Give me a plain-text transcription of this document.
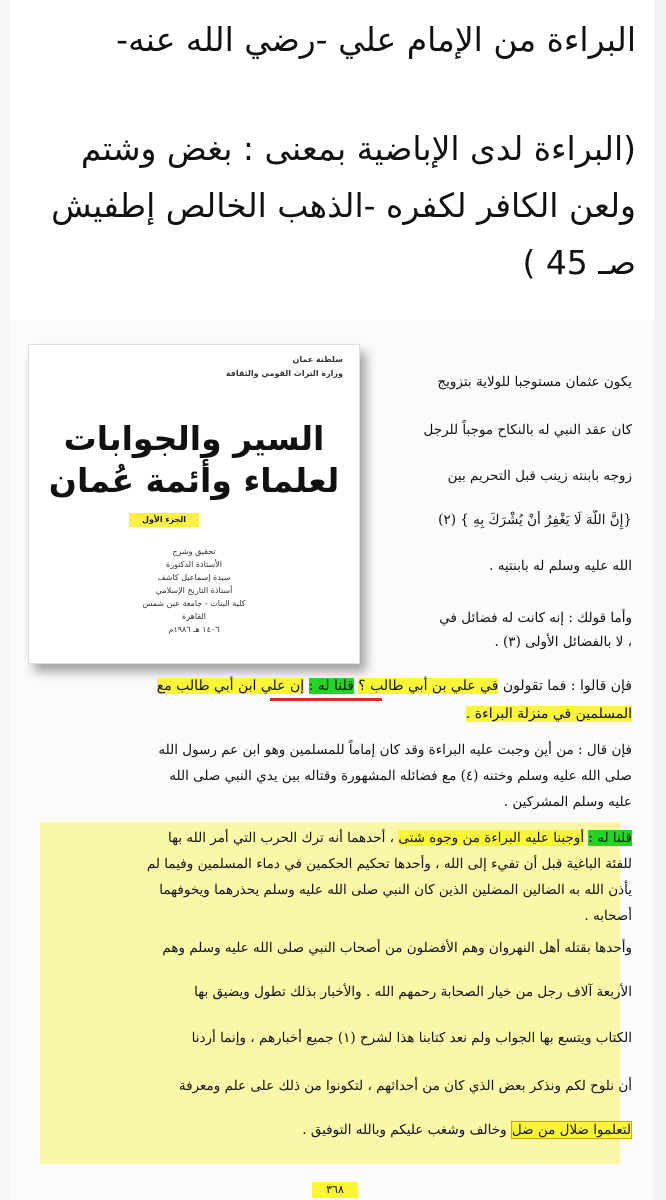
البراءة من الإمام علي -رضي الله عنه-
(البراءة لدى الإباضية بمعنى : بغض وشتم ولعن الكافر لكفره -الذهب الخالص إطفيش صـ 45 )
يكون عثمان مستوجبا للولاية بتزويج
كان عقد النبي له بالنكاح موجباً للرجل
زوجه بابنته زينب قبل التحريم بين
{إِنَّ اللَّهَ لَا يَغْفِرُ أَنْ يُشْرَكَ بِهِ } (٢)
الله عليه وسلم له بابنتيه .
وأما قولك : إنه كانت له فضائل في
، لا بالفضائل الأولى (٣) .
سلطنة عمان
وزارة التراث القومي والثقافة
السير والجوابات
لعلماء وأئمة عُمان
الجزء الأول
تحقيق وشرح
الأستاذة الدكتورة
سيدة إسماعيل كاشف
أستاذة التاريخ الإسلامي
كلية البنات - جامعة عين شمس
القاهرة
١٤٠٦ هـ ١٩٨٦م
فإن قالوا : فما تقولون في علي بن أبي طالب ؟ قلنا له : إن علي ابن أبي طالب مع
المسلمين في منزلة البراءة .
فإن قال : من أين وجبت عليه البراءة وقد كان إماماً للمسلمين وهو ابن عم رسول الله
صلى الله عليه وسلم وختنه (٤) مع فضائله المشهورة وقتاله بين يدي النبي صلى الله
عليه وسلم المشركين .
قلنا له : أوجبنا عليه البراءة من وجوه شتى ، أحدهما أنه ترك الحرب التي أمر الله بها
للفئة الباغية قبل أن تفيء إلى الله ، وأحدها تحكيم الحكمين في دماء المسلمين وفيما لم
يأذن الله به الضالين المضلين الذين كان النبي صلى الله عليه وسلم يحذرهما ويخوفهما
أصحابه .
وأحدها بقتله أهل النهروان وهم الأفضلون من أصحاب النبي صلى الله عليه وسلم وهم
الأربعة آلاف رجل من خيار الصحابة رحمهم الله . والأخبار بذلك تطول ويضيق بها
الكتاب ويتسع بها الجواب ولم نعد كتابنا هذا لشرح (١) جميع أخبارهم ، وإنما أردنا
أن نلوح لكم ونذكر بعض الذي كان من أحداثهم ، لتكونوا من ذلك على علم ومعرفة
لتعلموا ضلال من ضل وخالف وشغب عليكم وبالله التوفيق .
٣٦٨
